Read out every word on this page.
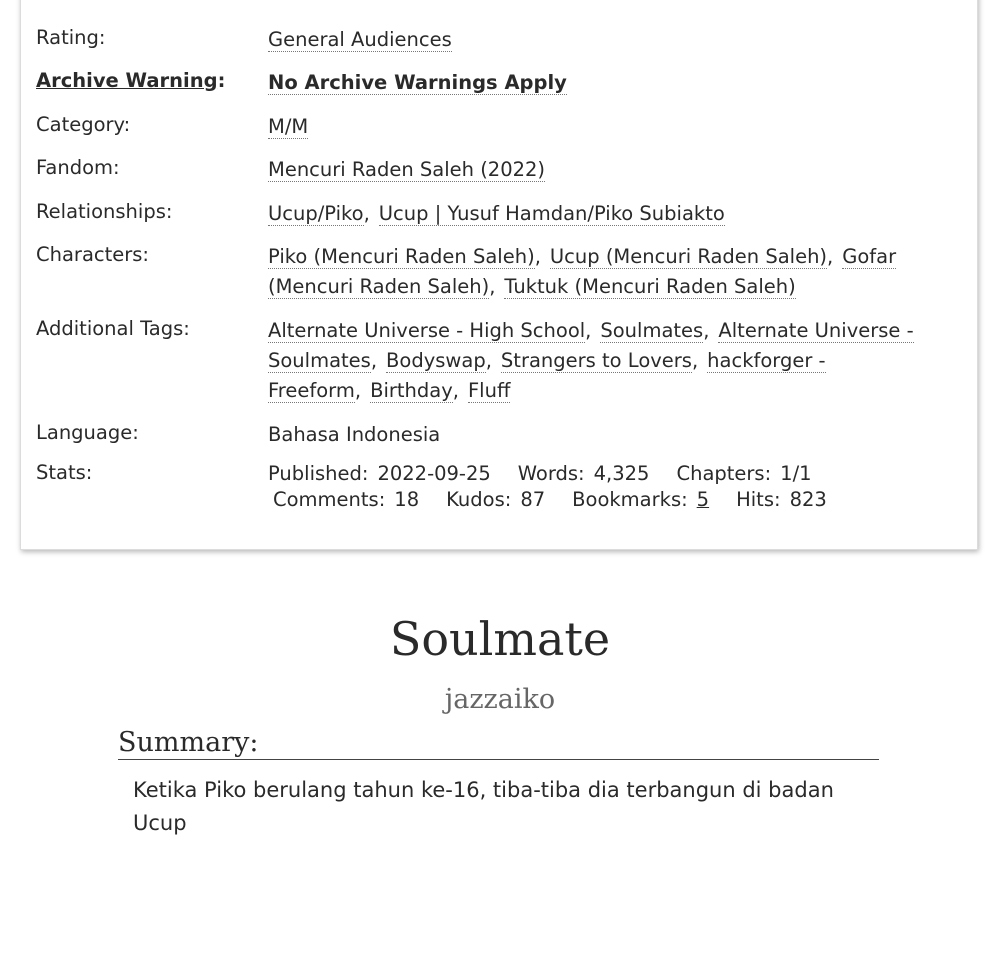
Rating:	General Audiences
Archive Warning: No Archive Warnings Apply
Category:	M/M
Fandom:	Mencuri Raden Saleh (2022)
Relationships:	Ucup/Piko, Ucup | Yusuf Hamdan/Piko Subiakto
Characters:	Piko (Mencuri Raden Saleh), Ucup (Mencuri Raden Saleh), Gofar
(Mencuri Raden Saleh), Tuktuk (Mencuri Raden Saleh)
Additional Tags:	Alternate Universe - High School, Soulmates, Alternate Universe -
Soulmates, Bodyswap, Strangers to Lovers, hackforger -
Freeform, Birthday, Fluff
Language:	Bahasa Indonesia
Stats:	Published: 2022-09-25 Words: 4,325 Chapters: 1/1
Comments: 18 Kudos: 87 Bookmarks: 5 Hits: 823
Soulmate
jazzaiko
Summary:
Ketika Piko berulang tahun ke-16, tiba-tiba dia terbangun di badan Ucup
